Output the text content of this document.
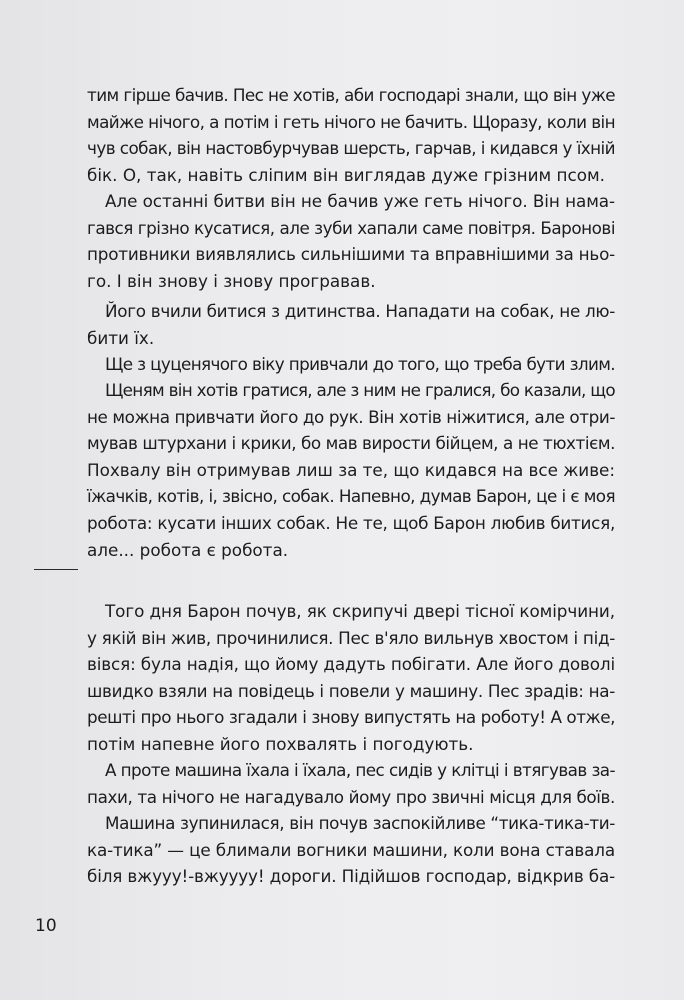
тим гірше бачив. Пес не хотів, аби господарі знали, що він уже
майже нічого, а потім і геть нічого не бачить. Щоразу, коли він
чув собак, він настовбурчував шерсть, гарчав, і кидався у їхній
бік. О, так, навіть сліпим він виглядав дуже грізним псом.

Але останні битви він не бачив уже геть нічого. Він нама-
гався грізно кусатися, але зуби хапали саме повітря. Баронові
противники виявлялись сильнішими та вправнішими за ньо-
го. І він знову і знову програвав.

Його вчили битися з дитинства. Нападати на собак, не лю-
бити їх.

Ще з цуценячого віку привчали до того, що треба бути злим.

Щеням він хотів гратися, але з ним не гралися, бо казали, що
не можна привчати його до рук. Він хотів ніжитися, але отри-
мував штурхани і крики, бо мав вирости бійцем, а не тюхтієм.
Похвалу він отримував лиш за те, що кидався на все живе:
їжачків, котів, і, звісно, собак. Напевно, думав Барон, це і є моя
робота: кусати інших собак. Не те, щоб Барон любив битися,
але... робота є робота.

Того дня Барон почув, як скрипучі двері тісної комірчини,
у якій він жив, прочинилися. Пес в'яло вильнув хвостом і під-
вівся: була надія, що йому дадуть побігати. Але його доволі
швидко взяли на повідець і повели у машину. Пес зрадів: на-
решті про нього згадали і знову випустять на роботу! А отже,
потім напевне його похвалять і погодують.

А проте машина їхала і їхала, пес сидів у клітці і втягував за-
пахи, та нічого не нагадувало йому про звичні місця для боїв.

Машина зупинилася, він почув заспокійливе “тика-тика-ти-
ка-тика” — це блимали вогники машини, коли вона ставала
біля вжууу!-вжуууу! дороги. Підійшов господар, відкрив ба-

10
